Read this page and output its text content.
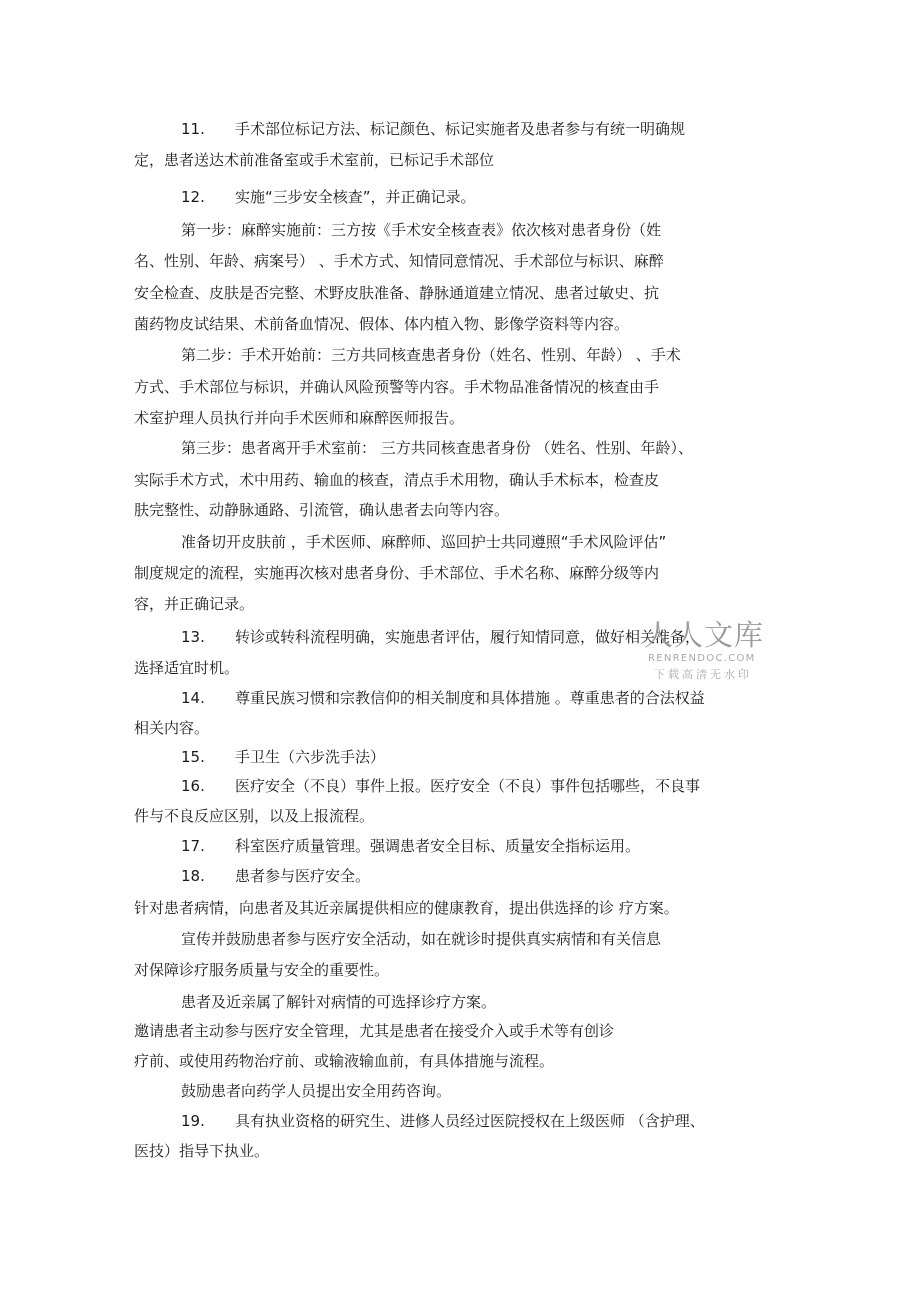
11. 手术部位标记方法、标记颜色、标记实施者及患者参与有统一明确规
定，患者送达术前准备室或手术室前，已标记手术部位
12. 实施“三步安全核查”，并正确记录。
第一步：麻醉实施前：三方按《手术安全核查表》依次核对患者身份（姓
名、性别、年龄、病案号） 、手术方式、知情同意情况、手术部位与标识、麻醉
安全检查、皮肤是否完整、术野皮肤准备、静脉通道建立情况、患者过敏史、抗
菌药物皮试结果、术前备血情况、假体、体内植入物、影像学资料等内容。
第二步：手术开始前：三方共同核查患者身份（姓名、性别、年龄） 、手术
方式、手术部位与标识，并确认风险预警等内容。手术物品准备情况的核查由手
术室护理人员执行并向手术医师和麻醉医师报告。
第三步：患者离开手术室前： 三方共同核查患者身份 （姓名、性别、年龄）、
实际手术方式，术中用药、输血的核查，清点手术用物，确认手术标本，检查皮
肤完整性、动静脉通路、引流管，确认患者去向等内容。
准备切开皮肤前 ，手术医师、麻醉师、巡回护士共同遵照“手术风险评估”
制度规定的流程，实施再次核对患者身份、手术部位、手术名称、麻醉分级等内
容，并正确记录。
13. 转诊或转科流程明确，实施患者评估，履行知情同意，做好相关准备，
选择适宜时机。
14. 尊重民族习惯和宗教信仰的相关制度和具体措施 。尊重患者的合法权益
相关内容。
15. 手卫生（六步洗手法）
16. 医疗安全（不良）事件上报。医疗安全（不良）事件包括哪些，不良事
件与不良反应区别，以及上报流程。
17. 科室医疗质量管理。强调患者安全目标、质量安全指标运用。
18. 患者参与医疗安全。
针对患者病情，向患者及其近亲属提供相应的健康教育，提出供选择的诊 疗方案。
宣传并鼓励患者参与医疗安全活动，如在就诊时提供真实病情和有关信息
对保障诊疗服务质量与安全的重要性。
患者及近亲属了解针对病情的可选择诊疗方案。
邀请患者主动参与医疗安全管理，尤其是患者在接受介入或手术等有创诊
疗前、或使用药物治疗前、或输液输血前，有具体措施与流程。
鼓励患者向药学人员提出安全用药咨询。
19. 具有执业资格的研究生、进修人员经过医院授权在上级医师 （含护理、
医技）指导下执业。
人人文库
RENRENDOC.COM
下载高清无水印
